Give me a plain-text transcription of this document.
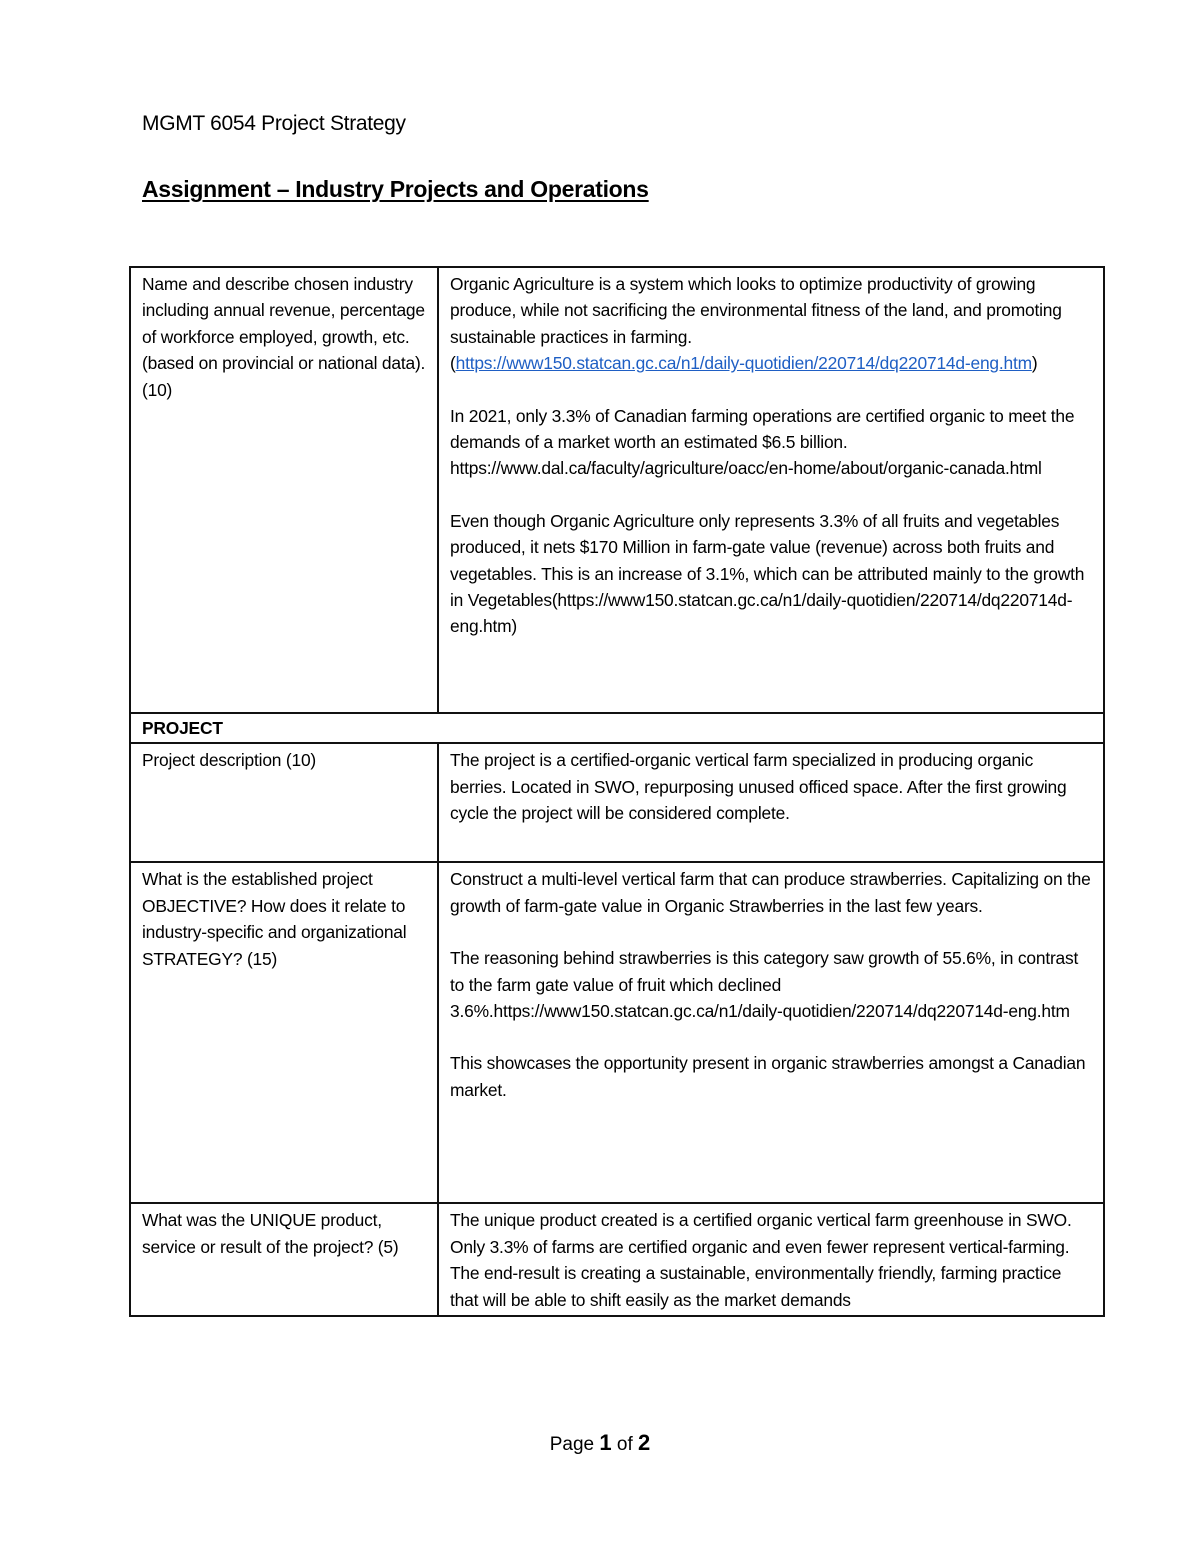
MGMT 6054 Project Strategy
Assignment – Industry Projects and Operations
Name and describe chosen industry including annual revenue, percentage of workforce employed, growth, etc. (based on provincial or national data). (10)	Organic Agriculture is a system which looks to optimize productivity of growing produce, while not sacrificing the environmental fitness of the land, and promoting sustainable practices in farming.
(https://www150.statcan.gc.ca/n1/daily-quotidien/220714/dq220714d-eng.htm)

In 2021, only 3.3% of Canadian farming operations are certified organic to meet the demands of a market worth an estimated $6.5 billion. https://www.dal.ca/faculty/agriculture/oacc/en-home/about/organic-canada.html

Even though Organic Agriculture only represents 3.3% of all fruits and vegetables produced, it nets $170 Million in farm-gate value (revenue) across both fruits and vegetables. This is an increase of 3.1%, which can be attributed mainly to the growth in Vegetables(https://www150.statcan.gc.ca/n1/daily-quotidien/220714/dq220714d-eng.htm)

PROJECT	
Project description (10)	The project is a certified-organic vertical farm specialized in producing organic berries. Located in SWO, repurposing unused officed space. After the first growing cycle the project will be considered complete.

What is the established project OBJECTIVE? How does it relate to industry-specific and organizational STRATEGY? (15)	Construct a multi-level vertical farm that can produce strawberries. Capitalizing on the growth of farm-gate value in Organic Strawberries in the last few years.

The reasoning behind strawberries is this category saw growth of 55.6%, in contrast to the farm gate value of fruit which declined 3.6%.https://www150.statcan.gc.ca/n1/daily-quotidien/220714/dq220714d-eng.htm

This showcases the opportunity present in organic strawberries amongst a Canadian market.

What was the UNIQUE product, service or result of the project? (5)	The unique product created is a certified organic vertical farm greenhouse in SWO. Only 3.3% of farms are certified organic and even fewer represent vertical-farming. The end-result is creating a sustainable, environmentally friendly, farming practice that will be able to shift easily as the market demands

Page 1 of 2
